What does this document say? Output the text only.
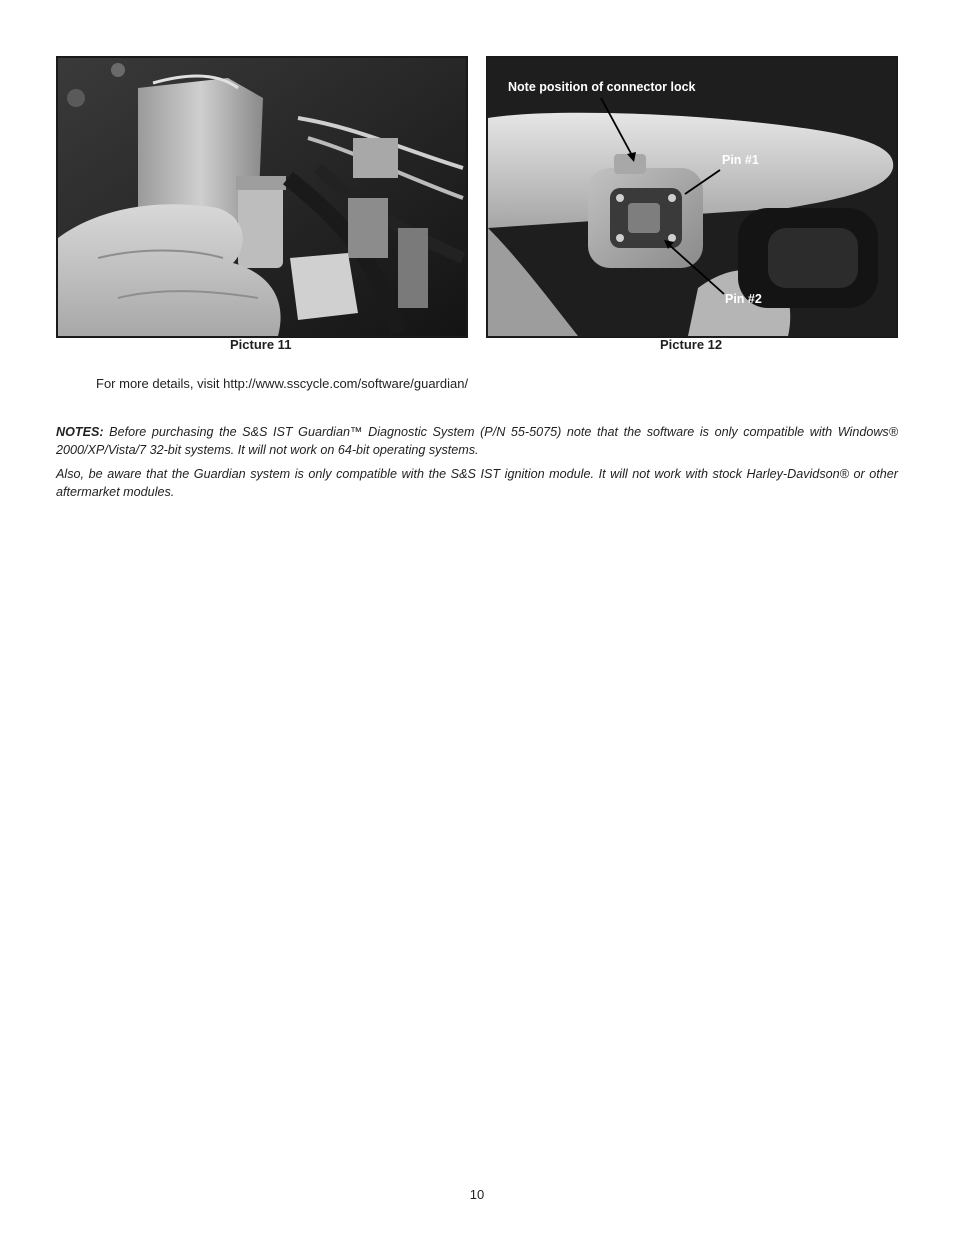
Note position of connector lock
Pin #1
Pin #2
Picture 11	Picture 12
For more details, visit http://www.sscycle.com/software/guardian/

NOTES: Before purchasing the S&S IST Guardian™ Diagnostic System (P/N 55-5075) note that the software is only compatible with Windows® 2000/XP/Vista/7 32-bit systems. It will not work on 64-bit operating systems.

Also, be aware that the Guardian system is only compatible with the S&S IST ignition module. It will not work with stock Harley-Davidson® or other aftermarket modules.

10
